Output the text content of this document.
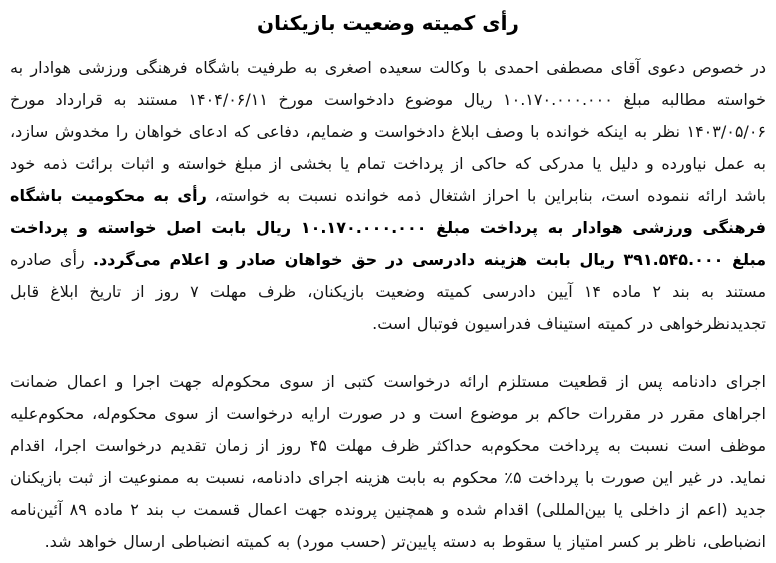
رأی کمیته وضعیت بازیکنان

در خصوص دعوی آقای مصطفی احمدی با وکالت سعیده اصغری به طرفیت باشگاه فرهنگی ورزشی هوادار به خواسته مطالبه مبلغ ۱۰.۱۷۰.۰۰۰.۰۰۰ ریال موضوع دادخواست مورخ ۱۴۰۴/۰۶/۱۱ مستند به قرارداد مورخ ۱۴۰۳/۰۵/۰۶ نظر به اینکه خوانده با وصف ابلاغ دادخواست و ضمایم، دفاعی که ادعای خواهان را مخدوش سازد، به عمل نیاورده و دلیل یا مدرکی که حاکی از پرداخت تمام یا بخشی از مبلغ خواسته و اثبات برائت ذمه خود باشد ارائه ننموده است، بنابراین با احراز اشتغال ذمه خوانده نسبت به خواسته، رأی به محکومیت باشگاه فرهنگی ورزشی هوادار به پرداخت مبلغ ۱۰.۱۷۰.۰۰۰.۰۰۰ ریال بابت اصل خواسته و پرداخت مبلغ ۳۹۱.۵۴۵.۰۰۰ ریال بابت هزینه دادرسی در حق خواهان صادر و اعلام می‌گردد. رأی صادره مستند به بند ۲ ماده ۱۴ آیین دادرسی کمیته وضعیت بازیکنان، ظرف مهلت ۷ روز از تاریخ ابلاغ قابل تجدیدنظرخواهی در کمیته استیناف فدراسیون فوتبال است.

اجرای دادنامه پس از قطعیت مستلزم ارائه درخواست کتبی از سوی محکوم‌له جهت اجرا و اعمال ضمانت اجراهای مقرر در مقررات حاکم بر موضوع است و در صورت ارایه درخواست از سوی محکوم‌له، محکوم‌علیه موظف است نسبت به پرداخت محکوم‌به حداکثر ظرف مهلت ۴۵ روز از زمان تقدیم درخواست اجرا، اقدام نماید. در غیر این صورت با پرداخت ۵٪ محکوم به بابت هزینه اجرای دادنامه، نسبت به ممنوعیت از ثبت بازیکنان جدید (اعم از داخلی یا بین‌المللی) اقدام شده و همچنین پرونده جهت اعمال قسمت ب بند ۲ ماده ۸۹ آئین‌نامه انضباطی، ناظر بر کسر امتیاز یا سقوط به دسته پایین‌تر (حسب مورد) به کمیته انضباطی ارسال خواهد شد.
